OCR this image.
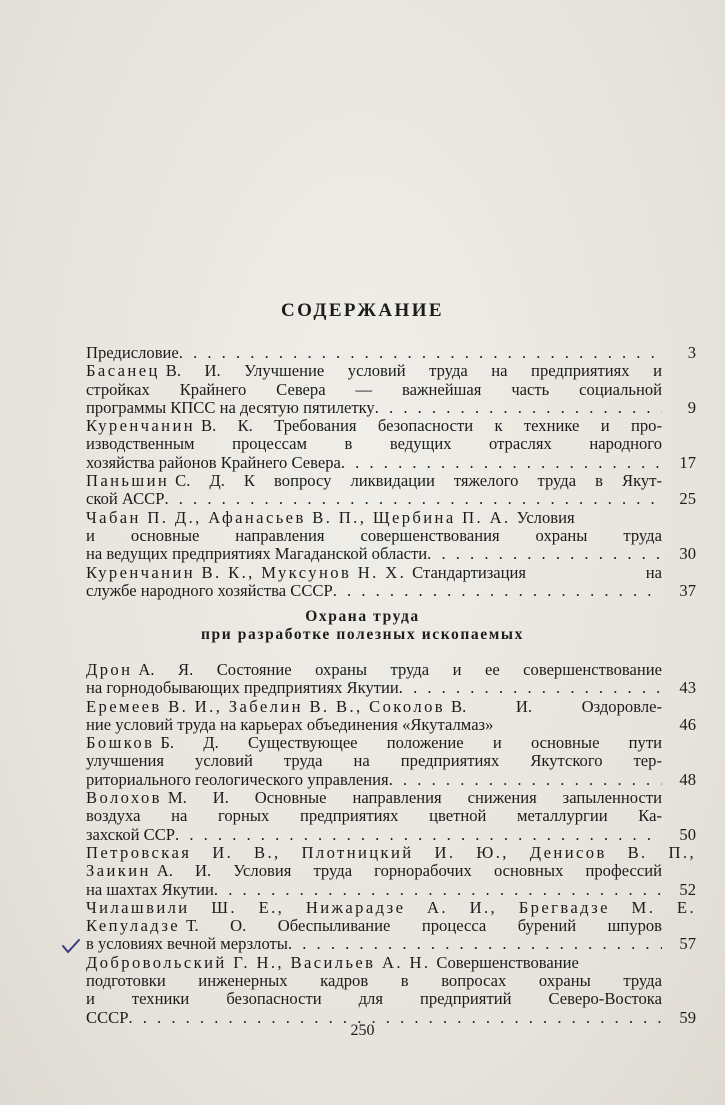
СОДЕРЖАНИЕ
Предисловие . . .	3
Басанец В. И. Улучшение условий труда на предприятиях и
стройках Крайнего Севера — важнейшая часть социальной
программы КПСС на десятую пятилетку . . .	9
Куренчанин В. К. Требования безопасности к технике и про-
изводственным процессам в ведущих отраслях народного
хозяйства районов Крайнего Севера . . .	17
Паньшин С. Д. К вопросу ликвидации тяжелого труда в Якут-
ской АССР . . .	25
Чабан П. Д., Афанасьев В. П., Щербина П. А. Условия
и основные направления совершенствования охраны труда
на ведущих предприятиях Магаданской области . . .	30
Куренчанин В. К., Муксунов Н. Х. Стандартизация на
службе народного хозяйства СССР . . .	37
Охрана труда
при разработке полезных ископаемых
Дрон А. Я. Состояние охраны труда и ее совершенствование
на горнодобывающих предприятиях Якутии . . .	43
Еремеев В. И., Забелин В. В., Соколов В. И. Оздоровле-
ние условий труда на карьерах объединения «Якуталмаз»	46
Бошков Б. Д. Существующее положение и основные пути
улучшения условий труда на предприятиях Якутского тер-
риториального геологического управления . . .	48
Волохов М. И. Основные направления снижения запыленности
воздуха на горных предприятиях цветной металлургии Ка-
захской ССР . . .	50
Петровская И. В., Плотницкий И. Ю., Денисов В. П.,
Заикин А. И. Условия труда горнорабочих основных профессий
на шахтах Якутии . . .	52
Чилашвили Ш. Е., Нижарадзе А. И., Брегвадзе М. Е.
Кепуладзе Т. О. Обеспыливание процесса бурений шпуров
в условиях вечной мерзлоты . . .	57
Добровольский Г. Н., Васильев А. Н. Совершенствование
подготовки инженерных кадров в вопросах охраны труда
и техники безопасности для предприятий Северо-Востока
СССР . . .	59
250
